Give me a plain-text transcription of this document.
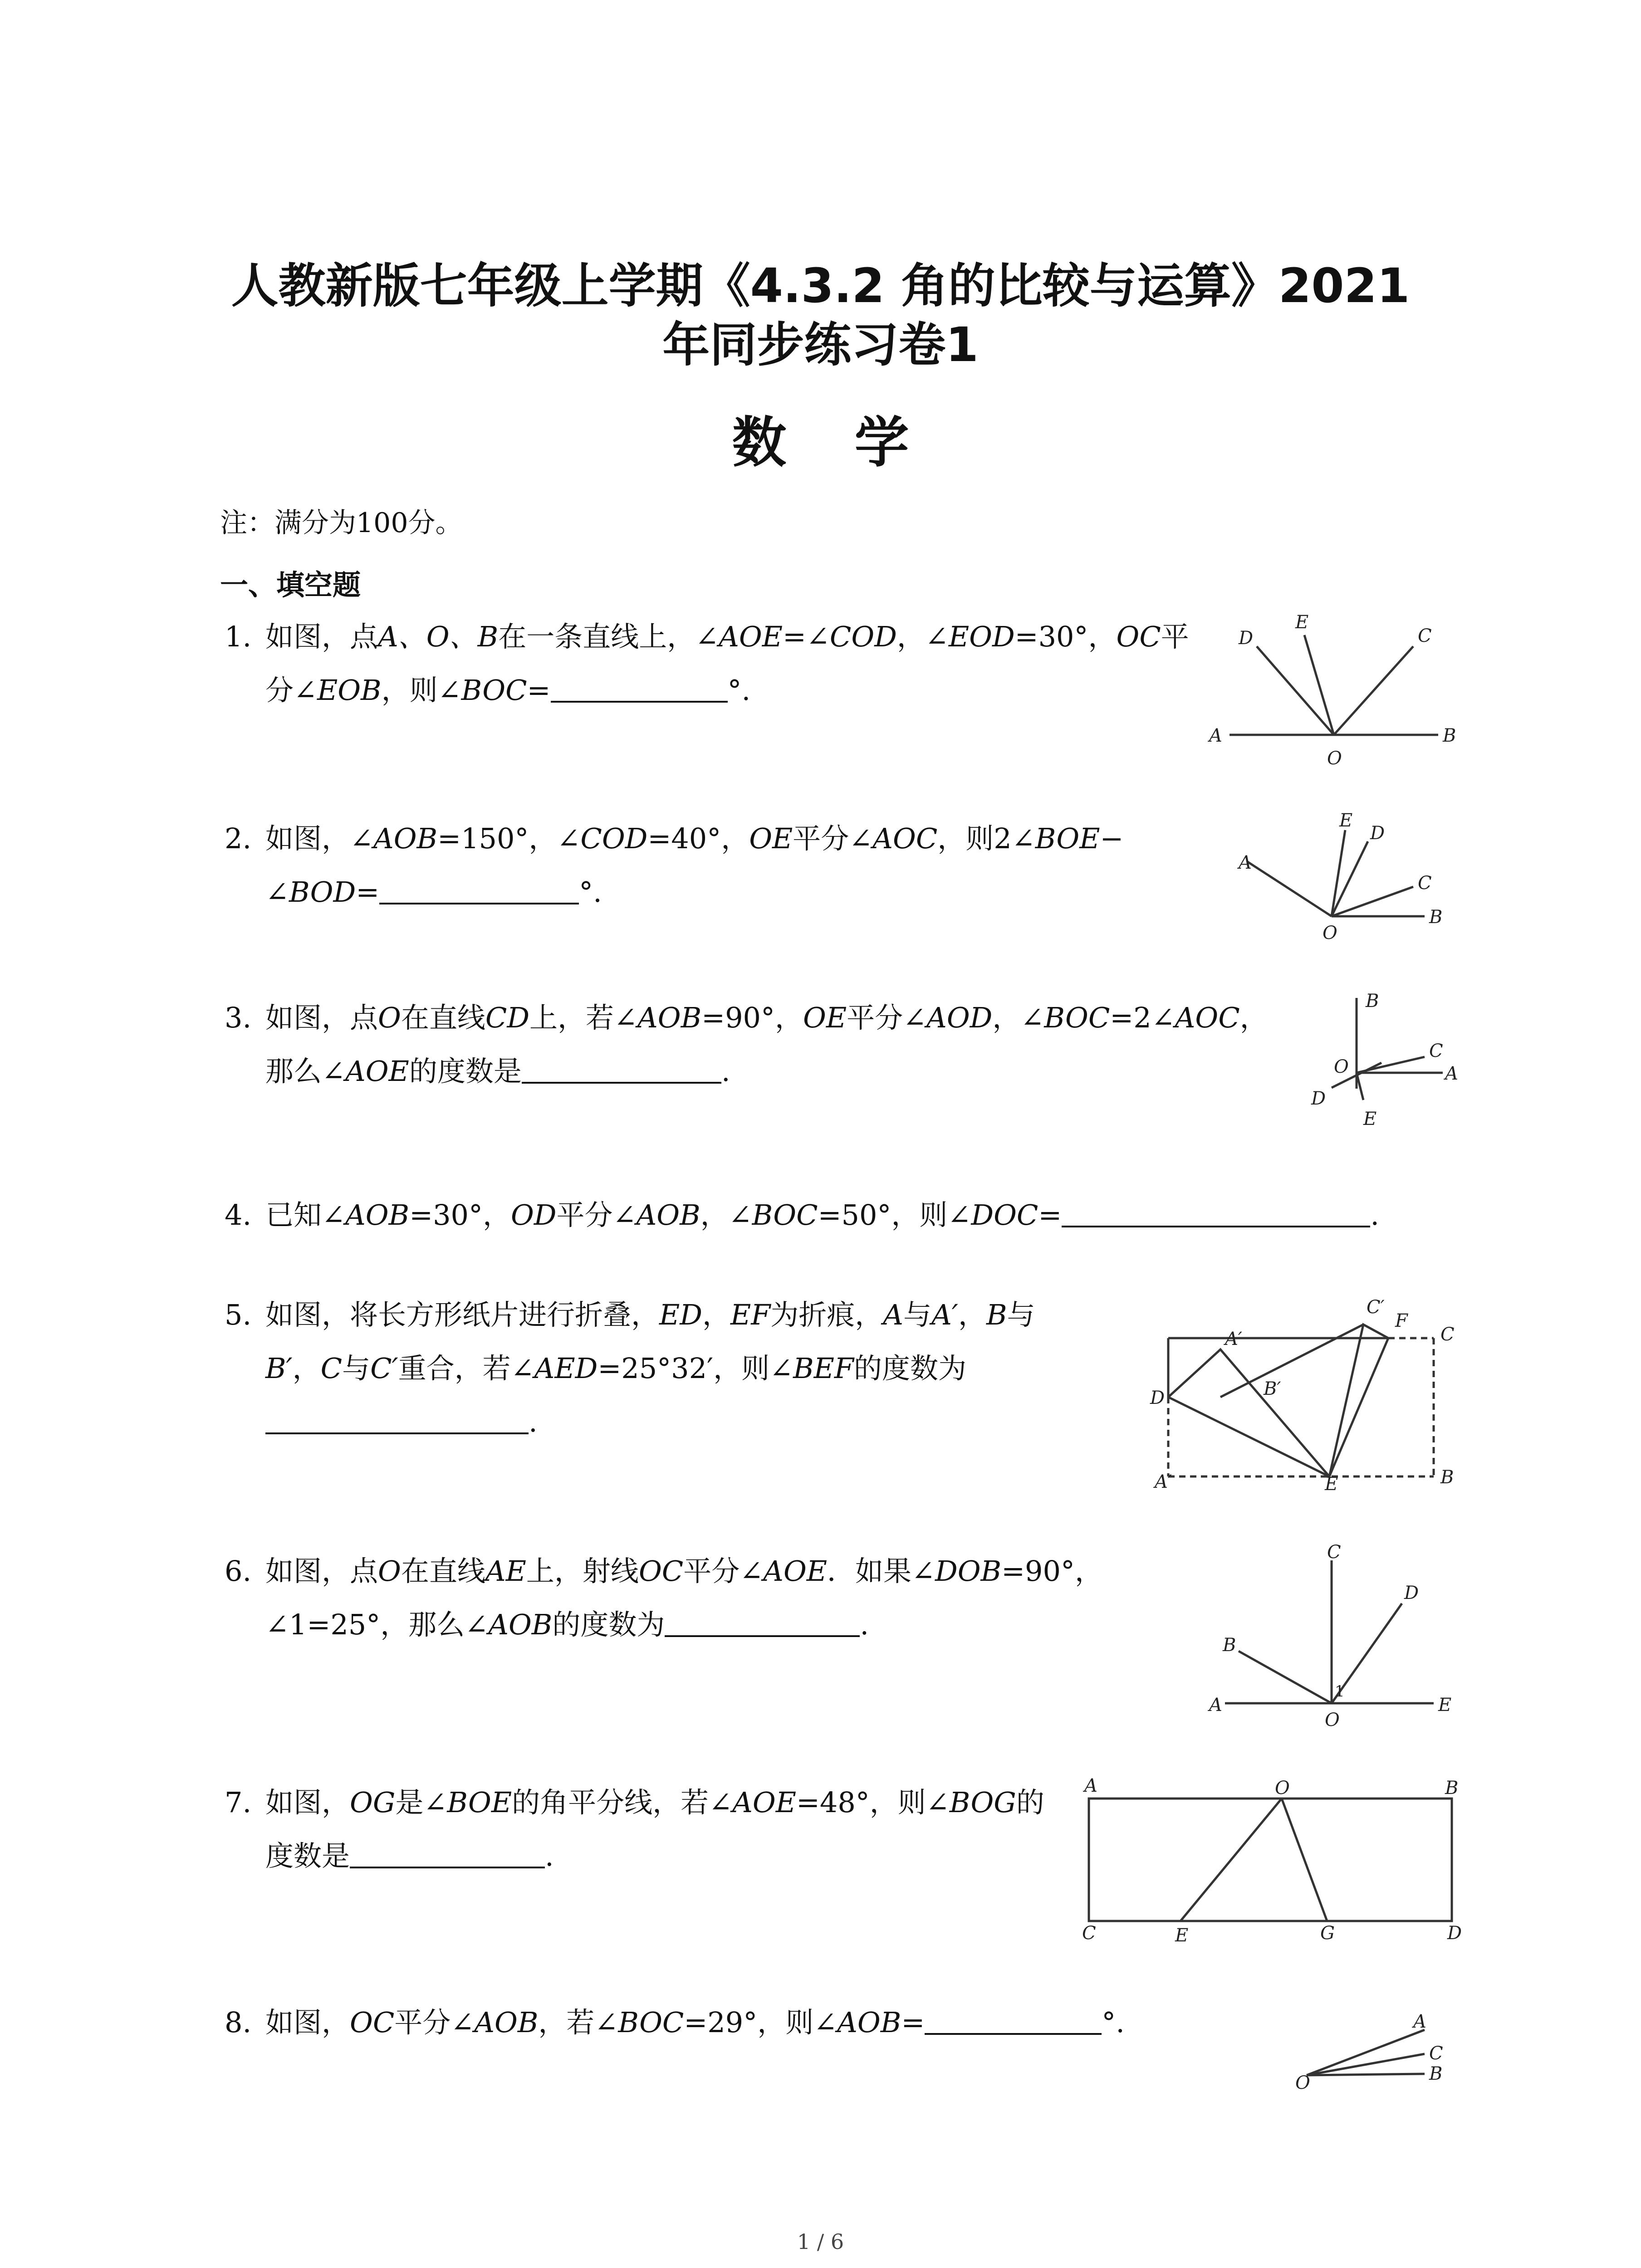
人教新版七年级上学期《4.3.2 角的比较与运算》2021
年同步练习卷1
数学
注：满分为100分。
一、填空题
1. 如图，点A、O、B在一条直线上，∠AOE=∠COD，∠EOD=30°，OC平
分∠EOB，则∠BOC=	°.
2. 如图，∠AOB=150°，∠COD=40°，OE平分∠AOC，则2∠BOE−
∠BOD=	°.
3. 如图，点O在直线CD上，若∠AOB=90°，OE平分∠AOD，∠BOC=2∠AOC，
那么∠AOE的度数是	.
4. 已知∠AOB=30°，OD平分∠AOB，∠BOC=50°，则∠DOC=	.
5. 如图，将长方形纸片进行折叠，ED，EF为折痕，A与A′，B与
B′，C与C′重合，若∠AED=25°32′，则∠BEF的度数为
.
6. 如图，点O在直线AE上，射线OC平分∠AOE．如果∠DOB=90°，
∠1=25°，那么∠AOB的度数为	.
7. 如图，OG是∠BOE的角平分线，若∠AOE=48°，则∠BOG的
度数是	.
8. 如图，OC平分∠AOB，若∠BOC=29°，则∠AOB=	°.
A
O
B
D
E
C
A
E
D
C
B
O
B
C
O	A
D
E
C′
F
C
A′
B′
D
A′	E	B
C
D
B
1
A
O
E
A	O	B
C	E	G	D
A
C
B
O
1 / 6
